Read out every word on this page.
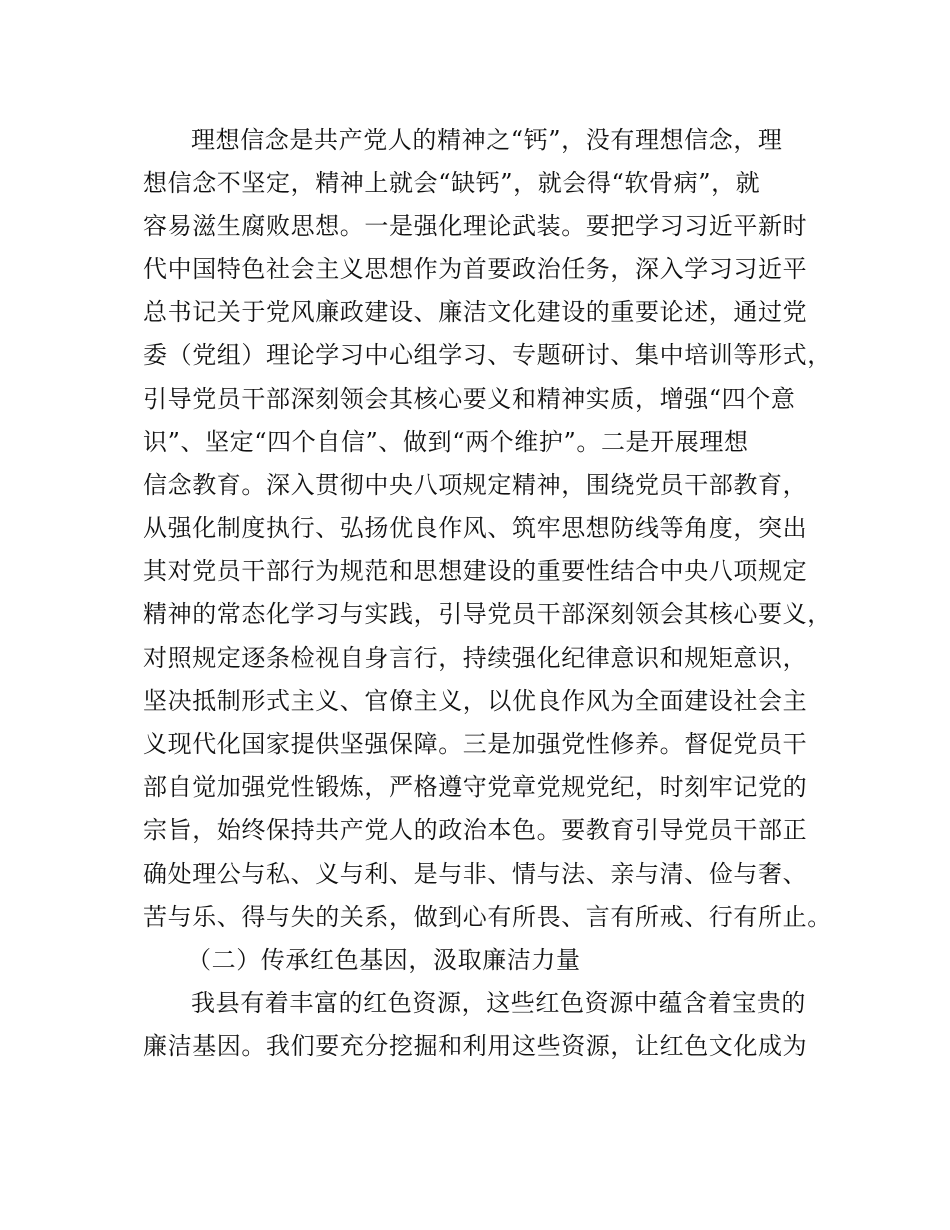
理想信念是共产党人的精神之“钙”，没有理想信念，理
想信念不坚定，精神上就会“缺钙”，就会得“软骨病”，就
容易滋生腐败思想。一是强化理论武装。要把学习习近平新时
代中国特色社会主义思想作为首要政治任务，深入学习习近平
总书记关于党风廉政建设、廉洁文化建设的重要论述，通过党
委（党组）理论学习中心组学习、专题研讨、集中培训等形式，
引导党员干部深刻领会其核心要义和精神实质，增强“四个意
识”、坚定“四个自信”、做到“两个维护”。二是开展理想
信念教育。深入贯彻中央八项规定精神，围绕党员干部教育，
从强化制度执行、弘扬优良作风、筑牢思想防线等角度，突出
其对党员干部行为规范和思想建设的重要性结合中央八项规定
精神的常态化学习与实践，引导党员干部深刻领会其核心要义，
对照规定逐条检视自身言行，持续强化纪律意识和规矩意识，
坚决抵制形式主义、官僚主义，以优良作风为全面建设社会主
义现代化国家提供坚强保障。三是加强党性修养。督促党员干
部自觉加强党性锻炼，严格遵守党章党规党纪，时刻牢记党的
宗旨，始终保持共产党人的政治本色。要教育引导党员干部正
确处理公与私、义与利、是与非、情与法、亲与清、俭与奢、
苦与乐、得与失的关系，做到心有所畏、言有所戒、行有所止。
（二）传承红色基因，汲取廉洁力量
我县有着丰富的红色资源，这些红色资源中蕴含着宝贵的
廉洁基因。我们要充分挖掘和利用这些资源，让红色文化成为
